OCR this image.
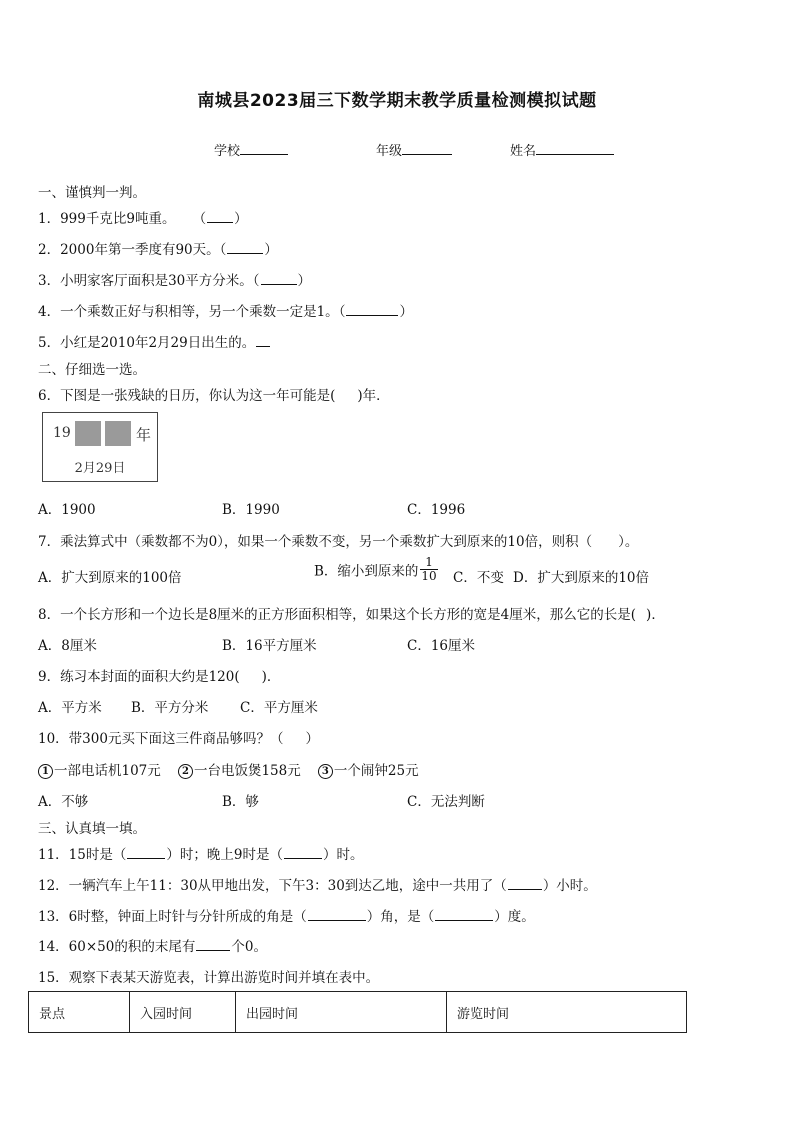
南城县2023届三下数学期末教学质量检测模拟试题
学校	年级	姓名
一、谨慎判一判。
1．999千克比9吨重。 （ ）
2．2000年第一季度有90天。（	）
3．小明家客厅面积是30平方分米。（	）
4．一个乘数正好与积相等，另一个乘数一定是1。（	）
5．小红是2010年2月29日出生的。
二、仔细选一选。
6．下图是一张残缺的日历，你认为这一年可能是( )年．
19	年
2月29日
A．1900	B．1990	C．1996
7．乘法算式中（乘数都不为0），如果一个乘数不变，另一个乘数扩大到原来的10倍，则积（ ）。
A．扩大到原来的100倍	B．缩小到原来的 $\frac{1}{10}$ C．不变 D．扩大到原来的10倍
8．一个长方形和一个边长是8厘米的正方形面积相等，如果这个长方形的宽是4厘米，那么它的长是( )．
A．8厘米	B．16平方厘米	C．16厘米
9．练习本封面的面积大约是120( )．
A．平方米 B．平方分米 C．平方厘米
10．带300元买下面这三件商品够吗？（ ）
1 一部电话机107元 2 一台电饭煲158元 3 一个闹钟25元
A．不够	B．够	C．无法判断
三、认真填一填。
11．15时是（	）时；晚上9时是（	）时。
12．一辆汽车上午11：30从甲地出发，下午3：30到达乙地，途中一共用了（	）小时。
13．6时整，钟面上时针与分针所成的角是（	）角，是（	）度。
14．60×50的积的末尾有	个0。
15．观察下表某天游览表，计算出游览时间并填在表中。
景点	入园时间	出园时间	游览时间
